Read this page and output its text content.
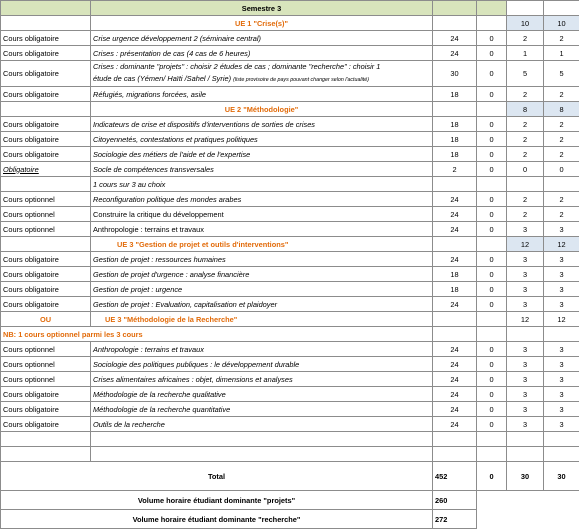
	Semestre 3				
	UE 1 "Crise(s)"			10	10
Cours obligatoire	Crise urgence développement 2 (séminaire central)	24	0	2	2
Cours obligatoire	Crises : présentation de cas (4 cas de 6 heures)	24	0	1	1
Cours obligatoire	Crises : dominante "projets" : choisir 2 études de cas ; dominante "recherche" : choisir 1
étude de cas (Yémen/ Haïti /Sahel / Syrie) (liste provisoire de pays pouvant changer selon l'actualité)	30	0	5	5
Cours obligatoire	Réfugiés, migrations forcées, asile	18	0	2	2
	UE 2 "Méthodologie"			8	8
Cours obligatoire	Indicateurs de crise et dispositifs d'interventions de sorties de crises	18	0	2	2
Cours obligatoire	Citoyennetés, contestations et pratiques politiques	18	0	2	2
Cours obligatoire	Sociologie des métiers de l'aide et de l'expertise	18	0	2	2
Obligatoire	Socle de compétences transversales	2	0	0	0
	1 cours sur 3 au choix				
Cours optionnel	Reconfiguration politique des mondes arabes	24	0	2	2
Cours optionnel	Construire la critique du développement	24	0	2	2
Cours optionnel	Anthropologie : terrains et travaux	24	0	3	3
	UE 3 "Gestion de projet et outils d'interventions"			12	12
Cours obligatoire	Gestion de projet : ressources humaines	24	0	3	3
Cours obligatoire	Gestion de projet d'urgence : analyse financière	18	0	3	3
Cours obligatoire	Gestion de projet : urgence	18	0	3	3
Cours obligatoire	Gestion de projet : Evaluation, capitalisation et plaidoyer	24	0	3	3
OU	UE 3 "Méthodologie de la Recherche"			12	12
NB: 1 cours optionnel parmi les 3 cours					
Cours optionnel	Anthropologie : terrains et travaux	24	0	3	3
Cours optionnel	Sociologie des politiques publiques : le développement durable	24	0	3	3
Cours optionnel	Crises alimentaires africaines : objet, dimensions et analyses	24	0	3	3
Cours obligatoire	Méthodologie de la recherche qualitative	24	0	3	3
Cours obligatoire	Méthodologie de la recherche quantitative	24	0	3	3
Cours obligatoire	Outils de la recherche	24	0	3	3

Total		452	0	30	30
Volume horaire étudiant dominante "projets"		260			
Volume horaire étudiant dominante "recherche"		272			
